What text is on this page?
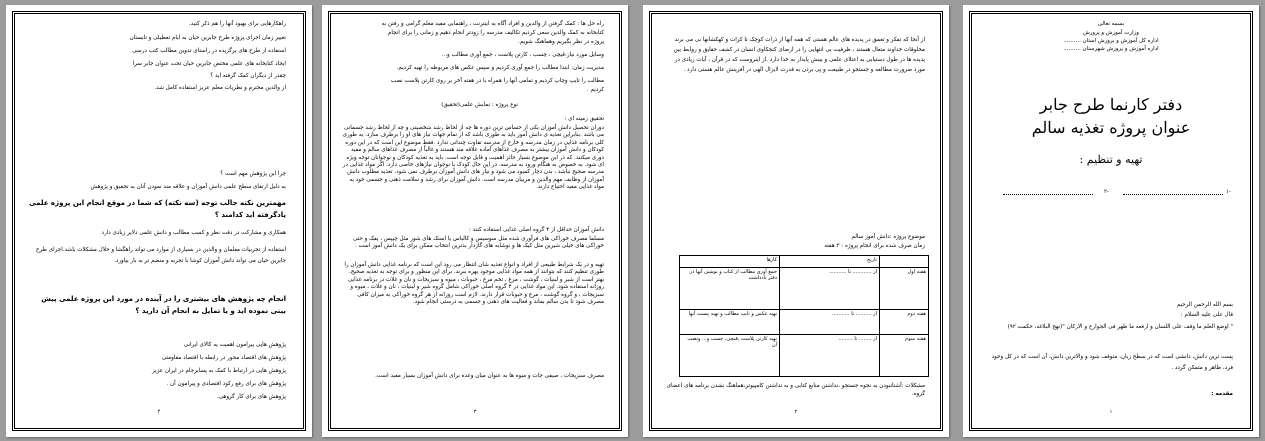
راهکارهایی برای بهبود آنها را هم ذکر کنید.
تغییر زمان اجرای پروژه طرح جابرین حیان به ایام تعطیلی و تابستان
استفاده از طرح های برگزیده در راستای تدوین مطالب کتب درسی
ایجاد کتابخانه های علمی مختص جابرین حیان تحت عنوان جابر سرا
چقدر از دیگران کمک گرفته اید ؟
از والدین محترم و نظریات معلم عزیز استفاده کامل شد.
چرا این پژوهش مهم است ؟
به دلیل ارتقای سطح علمی دانش آموزان و علاقه مند نمودن آنان به تحقیق و پژوهش
مهمترین نکته جالب توجه (سه نکته) که شما در موقع انجام این پروژه علمی یادگرفته اید کدامند ؟
همکاری و مشارکت در دقت نظر و کسب مطالب و دانش علمی دلایر زیادی دارد
استفاده از تجربیات معلمان و والدین در بسیاری از موارد می تواند راهگشا و حلال مشکلات باشد.اجرای طرح جابرین حیان می تواند دانش آموزان کوشا با تجربه و منضم تر به بار بیاورد.
انجام چه پژوهش های بیشتری را در آینده در مورد این پروژه علمی پیش بینی نموده اید و یا تمایل به انجام آن دارید ؟
پژوهش هایی پیرامون اهمیت یه کالای ایرانی
پژوهش های اقتصاد محور در رابطه با اقتصاد مقاومتی
پژوهش هایی در ارتباط با کمک به پسابرجام در ایران عزیز
پژوهش های برای رفع رکود اقتصادی و پیرامون آن .
پژوهش های برای کار گروهی.
۴
راه حل ها : کمک گرفتن از والدین و افراد آگاه به اینترنت ، راهنمایی مفید معلم گرامی و رفتن به
کتابخانه به کمک والدین سعی کردیم تکالیف مدرسه را زودتر انجام دهیم و زمانی را برای انجام
پروژه در نظر بگیریم وهماهنگ شویم.
وسایل مورد نیاز:قیچی ، چسب ، کارتن پلاست ، جمع آوری مطالب و...
مدیریت زمان: ابتدا مطالب را جمع آوری کردیم و سپس عکس های مربوطه را تهیه کردیم.
مطالب را تایپ وچاپ کردیم و تمامی آنها را همراه با در هفته آخر بر روی کارتن پلاست نصب
کردیم .
نوع پروژه : نمایش علمی(تحقیق)
تحقیق زمینه ای :
دوران تحصیل دانش آموزان یکی از حساس ترین دوره ها چه از لحاظ رشد شخصیتی و چه از لحاظ رشد جسمانی می باشد .بنابراین تغذیه ی دانش آموز باید به طوری باشد که از تمام جهات نیاز های او را برطرف سازد. به طوری کلی برنامه غذایی در زمان مدرسه و خارج از مدرسه تفاوت چندانی ندارد .فقط موضوع این است که در این دوره کودکان و دانش آموزان بیشتر به مصرف غذاهای آماده علاقه مند هستند و غالباً از مصرف غذاهای سالم و مفید دوری میکنند. که در این موضوع بسیار حائز اهمیت و قابل توجه است. باید به تغذیه کودکان و نوجوانان توجه ویژه ای شود. به خصوص به هنگام ورود به مدرسه. در این حال کودک یا نوجوان نیازهای خاصی دارد. اگر مواد غذایی در مدرسه صحیح نباشد ، بدن دچار کمبود می شود و نیاز های دانش آموزان برطرف نمی شود. تغذیه مطلوب دانش آموزان از وظایف مهم والدین و مربیان مدرسه است. دانش آموزان برای رشد و سلامت ذهنی و جسمی خود به مواد غذایی مفید احتیاج دارند.
دانش آموزان حداقل از ۴ گروه اصلی غذایی استفاده کنند :
مسلما مصرف خوراکی های فرآوری شده مثل سوسیس و کالباس یا اسنک های شور مثل چیپس ، پفک و حتی خوراکی های خیلی شیرین مثل کیک ها و نوشابه های گازدار بدترین انتخاب ممکن برای یک دانش آموز است .
تهیه و در یک شرایط طبیعی از افراد و انواع تغذیه شان انتظار می رود این است که برنامه غذایی دانش آموزان را طوری تنظیم کنند که بتوانند از همه مواد غذایی موجود بهره ببرند. برای این منظور و برای توجه به تغذیه صحیح، بهتر است از شیر و لبنیات ، گوشت ، مرغ ، تخم مرغ ، حبوبات ، میوه و سبزیجات و نان و غلات در برنامه غذایی روزانه استفاده شود. این مواد غذایی در ۴ گروه اصلی خوراکی شامل گروه شیر و لبنیات ، نان و غلات ، میوه و سبزیجات ، و گروه گوشت ، مرغ و حبوبات قرار دارند. لازم است روزانه از هر گروه خوراکی به میزان کافی مصرف شود تا بدن سالم بماند و فعالیت های ذهنی و جسمی به درستی انجام شود.
مصرف سبزیجات ، صیفی جات و میوه ها به عنوان میان وعده برای دانش آموزان بسیار مفید است.
۳
از آنجا که تفکر و تعمق در پدیده های عالم هستی که همه آنها از ذرات کوچک تا کرات و کهکشانها بی می برند مخلوقات خداوند متعال هستند ، ظرفیت بی انتهایی را در ارضای کنجکاوی انسان در کشف حقایق و روابط بین پدیده ها در طول دستیابی به اعتلای علمی و بینش پایدار به خدا دارد .از اینروست که در قرآن ، آیات زیادی در مورد ضرورت مطالعه و جستجو در طبیعت و پی بردن به قدرت لایزال الهی در آفرینش عالم هستی دارد .
موضوع پروژه :دانش آموز سالم
زمان صرف شده برای انجام پروژه : ۳ هفته
	تاریخ	کارها
هفته اول	از ............ تا ...........	جمع آوری مطالب از کتاب و نوشتن آنها در دفتر یادداشت
هفته دوم	از .......... تا ...........	تهیه عکس و تایپ مطالب و تهیه پیست آنها
هفته سوم	از ........ تا .........	تهیه کارتن پلاست ،قیچی، چسب و... ونصب آن
مشکلات :آشنانبودن به نحوه جستجو ،نداشتن منابع کتابی و به تداشتن کامپیوتر،هماهنگ نشدن برنامه های اعضای گروه.
۲
بسمه تعالی
وزارت آموزش و پرورش
اداره کل آموزش و پرورش استان ..........
اداره آموزش و پرورش شهرستان ..........
دفتر کارنما طرح جابر
عنوان پروژه تغذیه سالم
تهیه و تنظیم :
-۱
-۲
بسم الله الرحمن الرحیم
قال علی علیه السلام :
" اوضع العلم ما وقف علی اللسان و ارفعه ما ظهر فی الجوارح و الارکان "(نهج البلاغه، حکمت ۹۲)
پست ترین دانش، دانشی است که در سطح زبان، متوقف شود و والاترین دانش، آن است که در کل وجود فرد، ظاهر و متمکن گردد .
مقدمه :
۱
